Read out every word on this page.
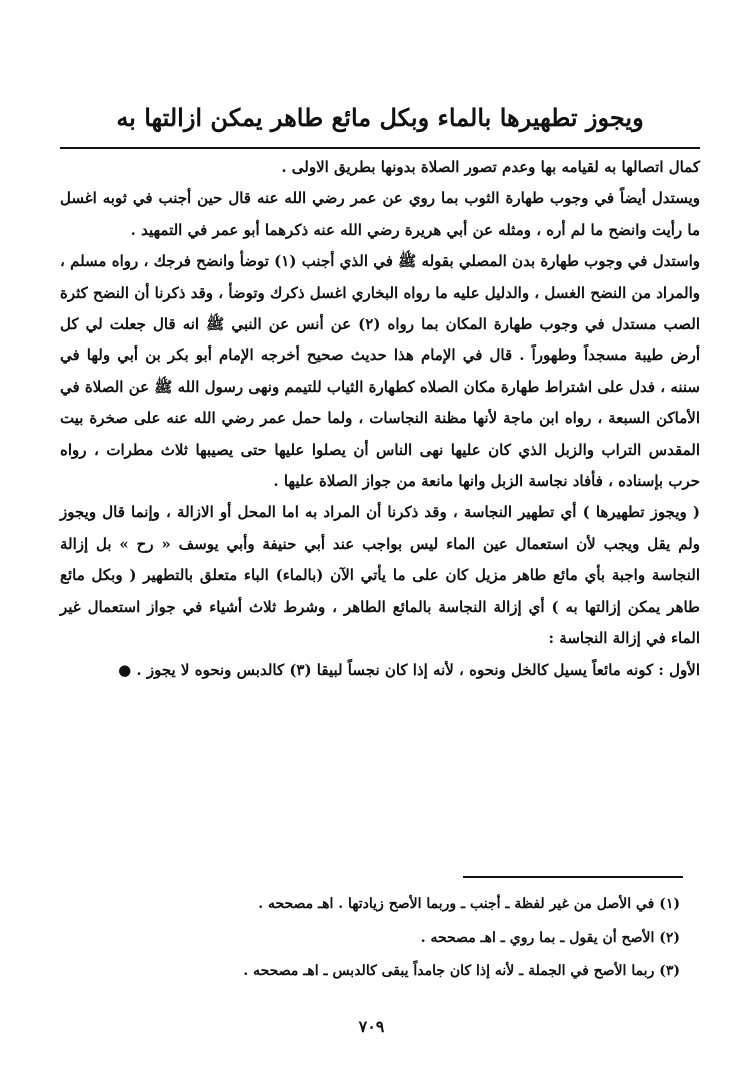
ويجوز تطهيرها بالماء وبكل مائع طاهر يمكن ازالتها به

كمال اتصالها به لقيامه بها وعدم تصور الصلاة بدونها بطريق الاولى .

ويستدل أيضاً في وجوب طهارة الثوب بما روي عن عمر رضي الله عنه قال حين أجنب في ثوبه اغسل ما رأيت وانضح ما لم أره ، ومثله عن أبي هريرة رضي الله عنه ذكرهما أبو عمر في التمهيد .

واستدل في وجوب طهارة بدن المصلي بقوله ﷺ في الذي أجنب (١) توضأ وانضح فرجك ، رواه مسلم ، والمراد من النضح الغسل ، والدليل عليه ما رواه البخاري اغسل ذكرك وتوضأ ، وقد ذكرنا أن النضح كثرة الصب مستدل في وجوب طهارة المكان بما رواه (٢) عن أنس عن النبي ﷺ انه قال جعلت لي كل أرض طيبة مسجداً وطهوراً . قال في الإمام هذا حديث صحيح أخرجه الإمام أبو بكر بن أبي ولها في سننه ، فدل على اشتراط طهارة مكان الصلاه كطهارة الثياب للتيمم ونهى رسول الله ﷺ عن الصلاة في الأماكن السبعة ، رواه ابن ماجة لأنها مظنة النجاسات ، ولما حمل عمر رضي الله عنه على صخرة بيت المقدس التراب والزبل الذي كان عليها نهى الناس أن يصلوا عليها حتى يصيبها ثلاث مطرات ، رواه حرب بإسناده ، فأفاد نجاسة الزبل وانها مانعة من جواز الصلاة عليها .

( ويجوز تطهيرها ) أي تطهير النجاسة ، وقد ذكرنا أن المراد به اما المحل أو الازالة ، وإنما قال ويجوز ولم يقل ويجب لأن استعمال عين الماء ليس بواجب عند أبي حنيفة وأبي يوسف « رح » بل إزالة النجاسة واجبة بأي مائع طاهر مزيل كان على ما يأتي الآن (بالماء) الباء متعلق بالتطهير ( وبكل مائع طاهر يمكن إزالتها به ) أي إزالة النجاسة بالمائع الطاهر ، وشرط ثلاث أشياء في جواز استعمال غير الماء في إزالة النجاسة :

الأول : كونه مائعاً يسيل كالخل ونحوه ، لأنه إذا كان نجساً لبيقا (٣) كالدبس ونحوه لا يجوز . ●

(١) في الأصل من غير لفظة ـ أجنب ـ وربما الأصح زيادتها . اهـ مصححه .

(٢) الأصح أن يقول ـ بما روي ـ اهـ مصححه .

(٣) ربما الأصح في الجملة ـ لأنه إذا كان جامداً يبقى كالدبس ـ اهـ مصححه .

٧٠٩
